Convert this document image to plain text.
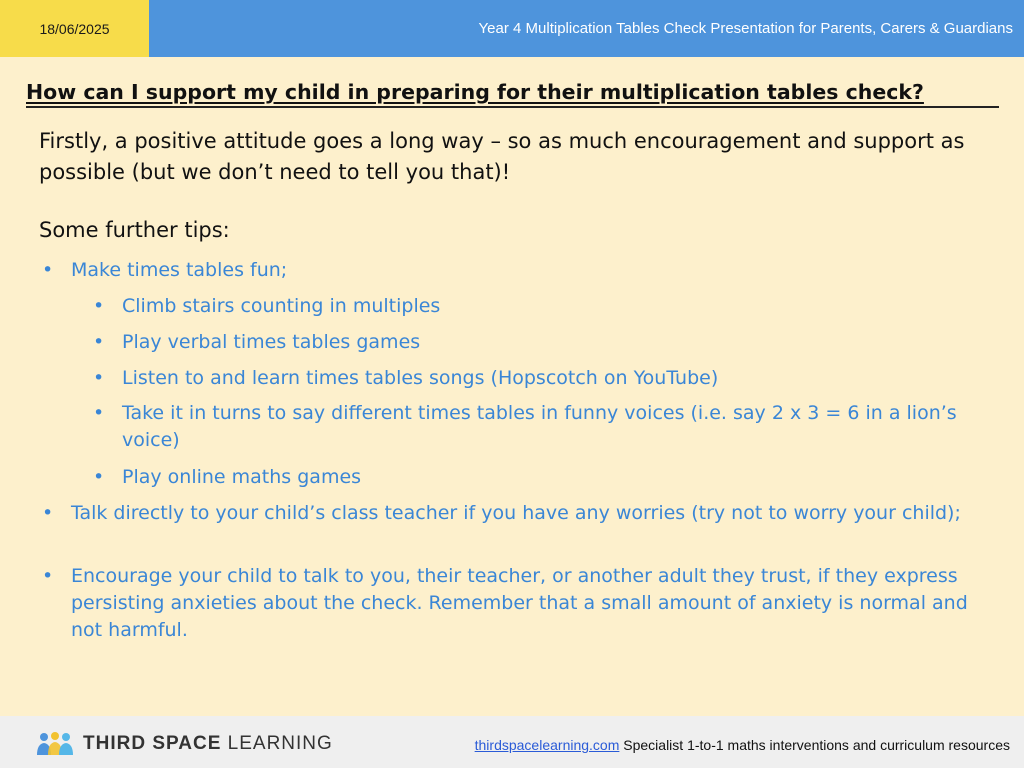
18/06/2025	Year 4 Multiplication Tables Check Presentation for Parents, Carers & Guardians
How can I support my child in preparing for their multiplication tables check?

Firstly, a positive attitude goes a long way – so as much encouragement and support as possible (but we don’t need to tell you that)!

Some further tips:

• Make times tables fun;
• Climb stairs counting in multiples
• Play verbal times tables games
• Listen to and learn times tables songs (Hopscotch on YouTube)
• Take it in turns to say different times tables in funny voices (i.e. say 2 x 3 = 6 in a lion’s voice)
• Play online maths games
• Talk directly to your child’s class teacher if you have any worries (try not to worry your child);
• Encourage your child to talk to you, their teacher, or another adult they trust, if they express persisting anxieties about the check. Remember that a small amount of anxiety is normal and not harmful.
THIRD SPACE LEARNING	thirdspacelearning.com Specialist 1-to-1 maths interventions and curriculum resources
